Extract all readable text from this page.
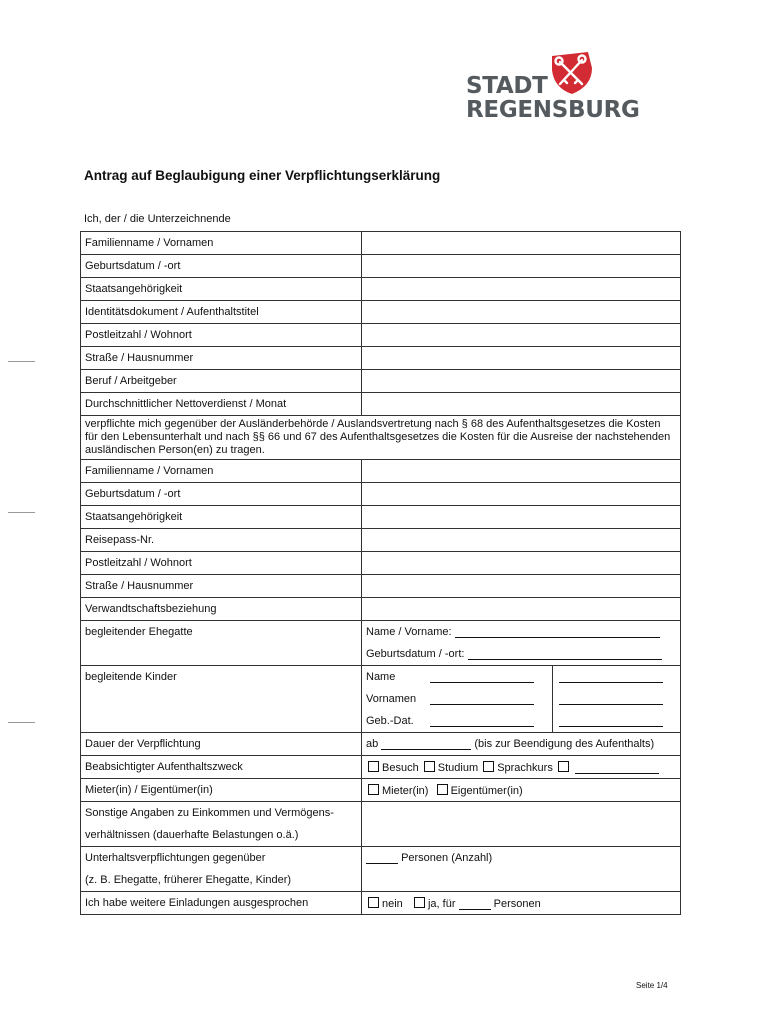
STADT
REGENSBURG
Antrag auf Beglaubigung einer Verpflichtungserklärung
Ich, der / die Unterzeichnende
Familienname / Vornamen	
Geburtsdatum / -ort	
Staatsangehörigkeit	
Identitätsdokument / Aufenthaltstitel	
Postleitzahl / Wohnort	
Straße / Hausnummer	
Beruf / Arbeitgeber	
Durchschnittlicher Nettoverdienst / Monat	
verpflichte mich gegenüber der Ausländerbehörde / Auslandsvertretung nach § 68 des Aufenthaltsgesetzes die Kosten für den Lebensunterhalt und nach §§ 66 und 67 des Aufenthaltsgesetzes die Kosten für die Ausreise der nachstehenden ausländischen Person(en) zu tragen.
Familienname / Vornamen	
Geburtsdatum / -ort	
Staatsangehörigkeit	
Reisepass-Nr.	
Postleitzahl / Wohnort	
Straße / Hausnummer	
Verwandtschaftsbeziehung	
begleitender Ehegatte		Name / Vorname:
Geburtsdatum / -ort:

begleitende Kinder		Name		
Vornamen		
Geb.-Dat.		

Dauer der Verpflichtung	ab	(bis zur Beendigung des Aufenthalts)
Beabsichtigter Aufenthaltszweck	Besuch Studium Sprachkurs
Mieter(in) / Eigentümer(in)	Mieter(in) Eigentümer(in)
Sonstige Angaben zu Einkommen und Vermögens-	
verhältnissen (dauerhafte Belastungen o.ä.)
Unterhaltsverpflichtungen gegenüber	Personen (Anzahl)
(z. B. Ehegatte, früherer Ehegatte, Kinder)	
Ich habe weitere Einladungen ausgesprochen	nein ja, für	Personen
Seite 1/4
